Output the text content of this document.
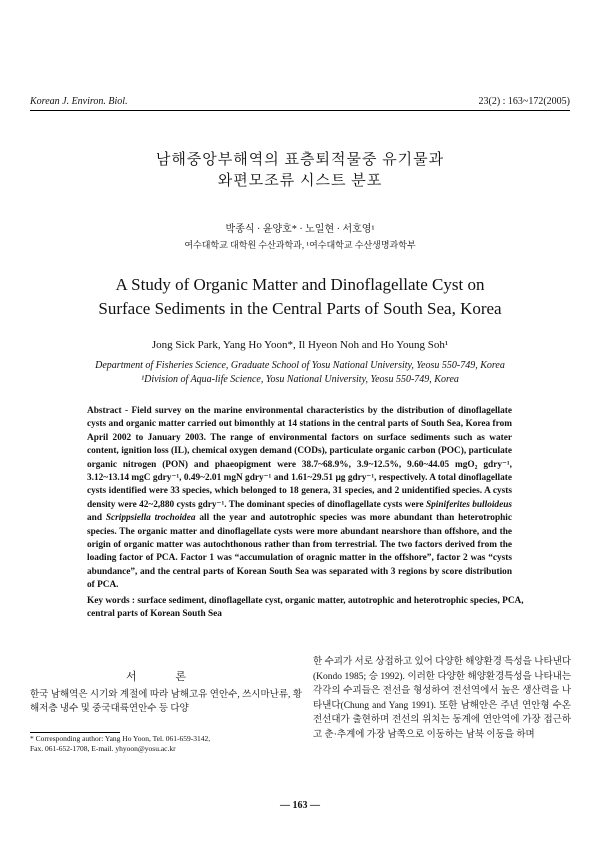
Korean J. Environ. Biol.	23(2) : 163~172(2005)
남해중앙부해역의 표층퇴적물중 유기물과
와편모조류 시스트 분포
박종식 · 윤양호* · 노일현 · 서호영¹
여수대학교 대학원 수산과학과, ¹여수대학교 수산생명과학부
A Study of Organic Matter and Dinoflagellate Cyst on
Surface Sediments in the Central Parts of South Sea, Korea
Jong Sick Park, Yang Ho Yoon*, Il Hyeon Noh and Ho Young Soh¹
Department of Fisheries Science, Graduate School of Yosu National University, Yeosu 550-749, Korea
¹Division of Aqua-life Science, Yosu National University, Yeosu 550-749, Korea
Abstract - Field survey on the marine environmental characteristics by the distribution of dinoflagellate cysts and organic matter carried out bimonthly at 14 stations in the central parts of South Sea, Korea from April 2002 to January 2003. The range of environmental factors on surface sediments such as water content, ignition loss (IL), chemical oxygen demand (CODs), particulate organic carbon (POC), particulate organic nitrogen (PON) and phaeopigment were 38.7~68.9%, 3.9~12.5%, 9.60~44.05 mgO₂ gdry⁻¹, 3.12~13.14 mgC gdry⁻¹, 0.49~2.01 mgN gdry⁻¹ and 1.61~29.51 µg gdry⁻¹, respectively. A total dinoflagellate cysts identified were 33 species, which belonged to 18 genera, 31 species, and 2 unidentified species. A cysts density were 42~2,880 cysts gdry⁻¹. The dominant species of dinoflagellate cysts were Spiniferites bulloideus and Scrippsiella trochoidea all the year and autotrophic species was more abundant than heterotrophic species. The organic matter and dinoflagellate cysts were more abundant nearshore than offshore, and the origin of organic matter was autochthonous rather than from terrestrial. The two factors derived from the loading factor of PCA. Factor 1 was “accumulation of oragnic matter in the offshore”, factor 2 was “cysts abundance”, and the central parts of Korean South Sea was separated with 3 regions by score distribution of PCA.
Key words : surface sediment, dinoflagellate cyst, organic matter, autotrophic and heterotrophic species, PCA, central parts of Korean South Sea
서 론
한국 남해역은 시기와 계절에 따라 남해고유 연안수, 쓰시마난류, 황해저층 냉수 및 중국대륙연안수 등 다양
한 수괴가 서로 상접하고 있어 다양한 해양환경 특성을 나타낸다(Kondo 1985; 승 1992). 이러한 다양한 해양환경특성을 나타내는 각각의 수괴들은 전선을 형성하여 전선역에서 높은 생산력을 나타낸다(Chung and Yang 1991). 또한 남해안은 주년 연안형 수온 전선대가 출현하며 전선의 위치는 동계에 연안역에 가장 접근하고 춘·추계에 가장 남쪽으로 이동하는 남북 이동을 하며
* Corresponding author: Yang Ho Yoon, Tel. 061-659-3142,
Fax. 061-652-1708, E-mail. yhyoon@yosu.ac.kr
— 163 —
